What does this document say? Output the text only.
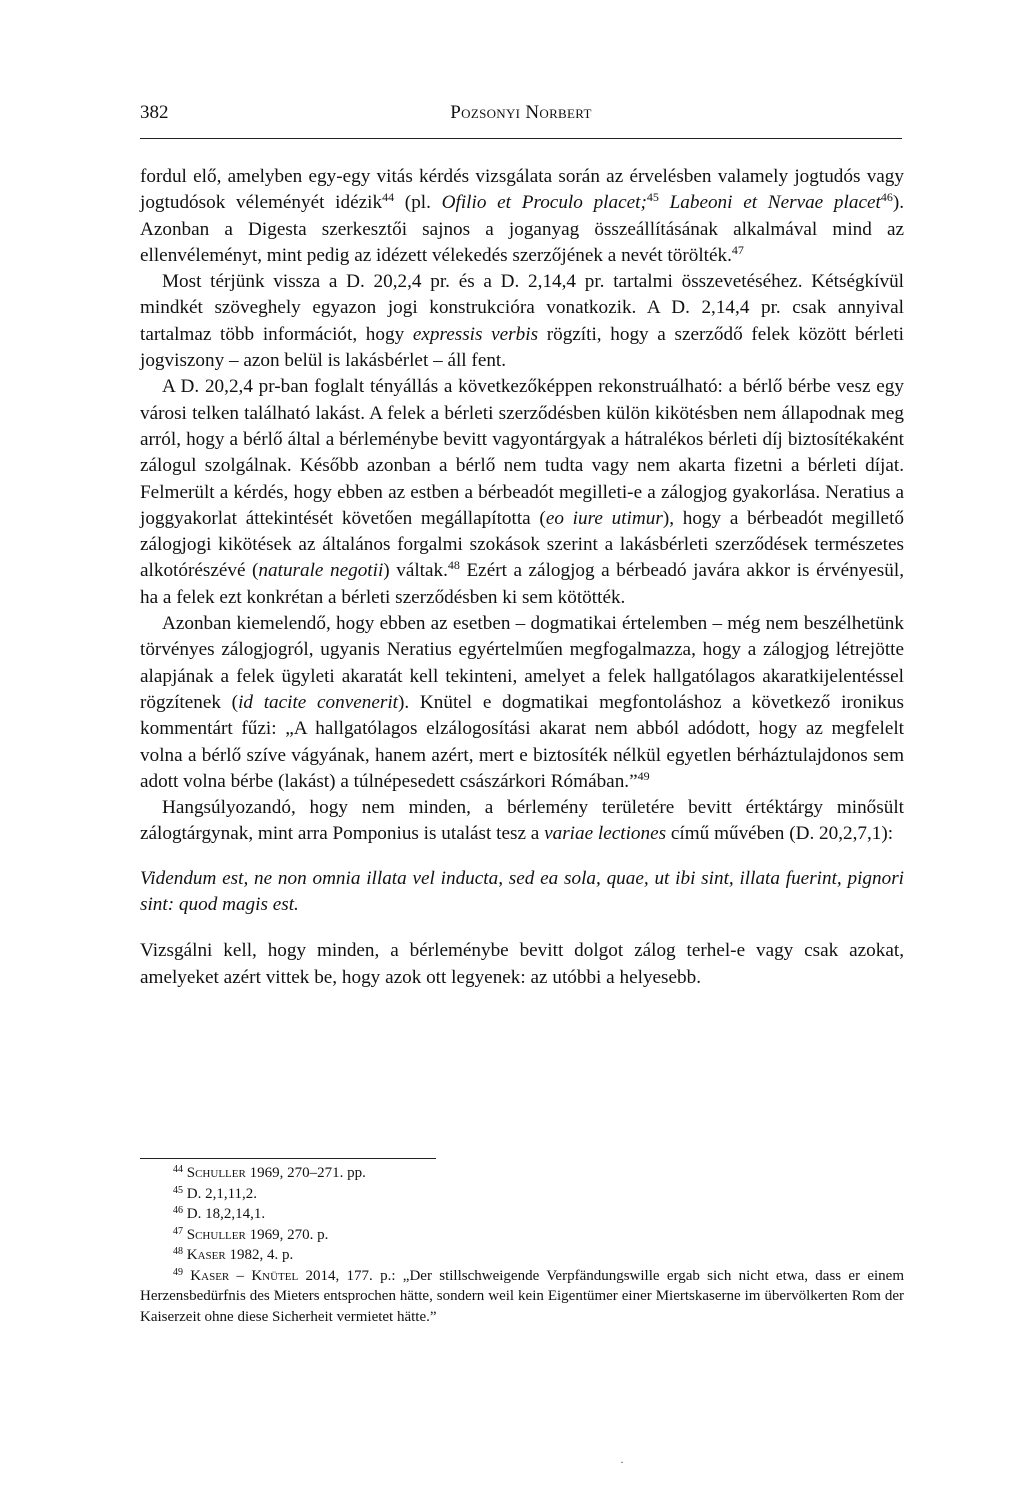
382	Pozsonyi Norbert

fordul elő, amelyben egy-egy vitás kérdés vizsgálata során az érvelésben valamely jogtudós vagy jogtudósok véleményét idézik$^{44}$ (pl. Ofilio et Proculo placet;$^{45}$ Labeoni et Nervae placet$^{46}$). Azonban a Digesta szerkesztői sajnos a joganyag összeállításának alkalmával mind az ellenvéleményt, mint pedig az idézett vélekedés szerzőjének a nevét törölték.$^{47}$

Most térjünk vissza a D. 20,2,4 pr. és a D. 2,14,4 pr. tartalmi összevetéséhez. Kétségkívül mindkét szöveghely egyazon jogi konstrukcióra vonatkozik. A D. 2,14,4 pr. csak annyival tartalmaz több információt, hogy expressis verbis rögzíti, hogy a szerződő felek között bérleti jogviszony – azon belül is lakásbérlet – áll fent.

A D. 20,2,4 pr-ban foglalt tényállás a következőképpen rekonstruálható: a bérlő bérbe vesz egy városi telken található lakást. A felek a bérleti szerződésben külön kikötésben nem állapodnak meg arról, hogy a bérlő által a bérleménybe bevitt vagyontárgyak a hátralékos bérleti díj biztosítékaként zálogul szolgálnak. Később azonban a bérlő nem tudta vagy nem akarta fizetni a bérleti díjat. Felmerült a kérdés, hogy ebben az estben a bérbeadót megilleti-e a zálogjog gyakorlása. Neratius a joggyakorlat áttekintését követően megállapította (eo iure utimur), hogy a bérbeadót megillető zálogjogi kikötések az általános forgalmi szokások szerint a lakásbérleti szerződések természetes alkotórészévé (naturale negotii) váltak.$^{48}$ Ezért a zálogjog a bérbeadó javára akkor is érvényesül, ha a felek ezt konkrétan a bérleti szerződésben ki sem kötötték.

Azonban kiemelendő, hogy ebben az esetben – dogmatikai értelemben – még nem beszélhetünk törvényes zálogjogról, ugyanis Neratius egyértelműen megfogalmazza, hogy a zálogjog létrejötte alapjának a felek ügyleti akaratát kell tekinteni, amelyet a felek hallgatólagos akaratkijelentéssel rögzítenek (id tacite convenerit). Knütel e dogmatikai megfontoláshoz a következő ironikus kommentárt fűzi: „A hallgatólagos elzálogosítási akarat nem abból adódott, hogy az megfelelt volna a bérlő szíve vágyának, hanem azért, mert e biztosíték nélkül egyetlen bérháztulajdonos sem adott volna bérbe (lakást) a túlnépesedett császárkori Rómában.”$^{49}$

Hangsúlyozandó, hogy nem minden, a bérlemény területére bevitt értéktárgy minősült zálogtárgynak, mint arra Pomponius is utalást tesz a variae lectiones című művében (D. 20,2,7,1):

Videndum est, ne non omnia illata vel inducta, sed ea sola, quae, ut ibi sint, illata fuerint, pignori sint: quod magis est.

Vizsgálni kell, hogy minden, a bérleménybe bevitt dolgot zálog terhel-e vagy csak azokat, amelyeket azért vittek be, hogy azok ott legyenek: az utóbbi a helyesebb.

$^{44}$ Schuller 1969, 270–271. pp.

$^{45}$ D. 2,1,11,2.

$^{46}$ D. 18,2,14,1.

$^{47}$ Schuller 1969, 270. p.

$^{48}$ Kaser 1982, 4. p.

$^{49}$ Kaser – Knütel 2014, 177. p.: „Der stillschweigende Verpfändungswille ergab sich nicht etwa, dass er einem Herzensbedürfnis des Mieters entsprochen hätte, sondern weil kein Eigentümer einer Miertskaserne im übervölkerten Rom der Kaiserzeit ohne diese Sicherheit vermietet hätte.”

·
